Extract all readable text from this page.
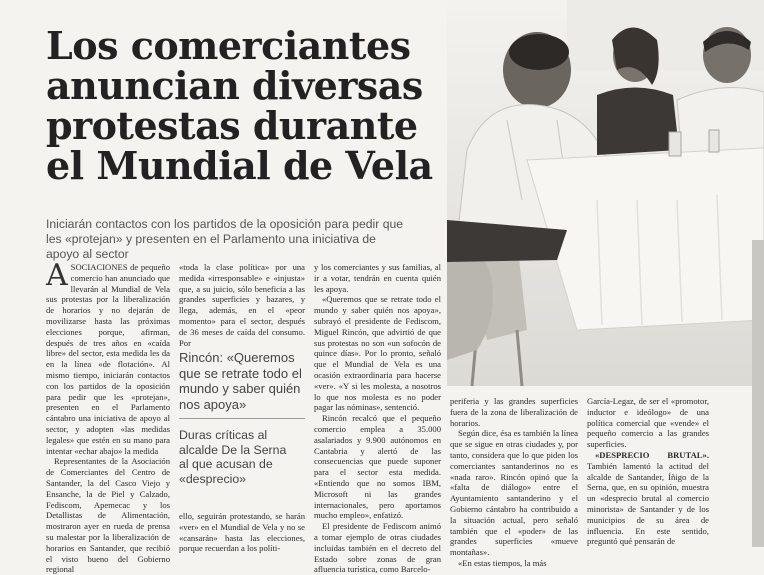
Los comerciantes
anuncian diversas
protestas durante
el Mundial de Vela
Iniciarán contactos con los partidos de la oposición para pedir que les «protejan» y presenten en el Parlamento una iniciativa de apoyo al sector

ASOCIACIONES de pequeño comercio han anunciado que llevarán al Mundial de Vela sus protestas por la liberalización de horarios y no dejarán de movilizarse hasta las próximas elecciones porque, afirman, después de tres años en «caída libre» del sector, esta medida les da en la línea «de flotación». Al mismo tiempo, iniciarán contactos con los partidos de la oposición para pedir que les «protejan», presenten en el Parlamento cántabro una iniciativa de apoyo al sector, y adopten «las medidas legales» que estén en su mano para intentar «echar abajo» la medida

Representantes de la Asociación de Comerciantes del Centro de Santander, la del Casco Viejo y Ensanche, la de Piel y Calzado, Fediscom, Apemecac y los Detallistas de Alimentación, mostraron ayer en rueda de prensa su malestar por la liberalización de horarios en Santander, que recibió el visto bueno del Gobierno regional

«toda la clase política» por una medida «irresponsable» e «injusta» que, a su juicio, sólo beneficia a las grandes superficies y bazares, y llega, además, en el «peor momento» para el sector, después de 36 meses de caída del consumo. Por

Rincón: «Queremos que se retrate todo el mundo y saber quién nos apoya»
Duras críticas al alcalde De la Serna al que acusan de «desprecio»

ello, seguirán protestando, se harán «ver» en el Mundial de Vela y no se «cansarán» hasta las elecciones, porque recuerdan a los políti-

y los comerciantes y sus familias, al ir a votar, tendrán en cuenta quién les apoya.

«Queremos que se retrate todo el mundo y saber quién nos apoya», subrayó el presidente de Fediscom, Miguel Rincón, que advirtió de que sus protestas no son «un sofocón de quince días». Por lo pronto, señaló que el Mundial de Vela es una ocasión extraordinaria para hacerse «ver». «Y si les molesta, a nosotros lo que nos molesta es no poder pagar las nóminas», sentenció.

Rincón recalcó que el pequeño comercio emplea a 35.000 asalariados y 9.900 autónomos en Cantabria y alertó de las consecuencias que puede suponer para el sector esta medida. «Entiendo que no somos IBM, Microsoft ni las grandes internacionales, pero aportamos mucho empleo», enfatizó.

El presidente de Fediscom animó a tomar ejemplo de otras ciudades incluidas también en el decreto del Estado sobre zonas de gran afluencia turística, como Barcelo-

periferia y las grandes superficies fuera de la zona de liberalización de horarios.

Según dice, ésa es también la línea que se sigue en otras ciudades y, por tanto, considera que lo que piden los comerciantes santanderinos no es «nada raro». Rincón opinó que la «falta de diálogo» entre el Ayuntamiento santanderino y el Gobierno cántabro ha contribuido a la situación actual, pero señaló también que el «poder» de las grandes superficies «mueve montañas».

«En estas tiempos, la más

García-Legaz, de ser el «promotor, inductor e ideólogo» de una política comercial que «vende» el pequeño comercio a las grandes superficies.

«DESPRECIO BRUTAL». También lamentó la actitud del alcalde de Santander, Íñigo de la Serna, que, en su opinión, muestra un «desprecio brutal al comercio minorista» de Santander y de los municipios de su área de influencia. En este sentido, preguntó qué pensarán de
